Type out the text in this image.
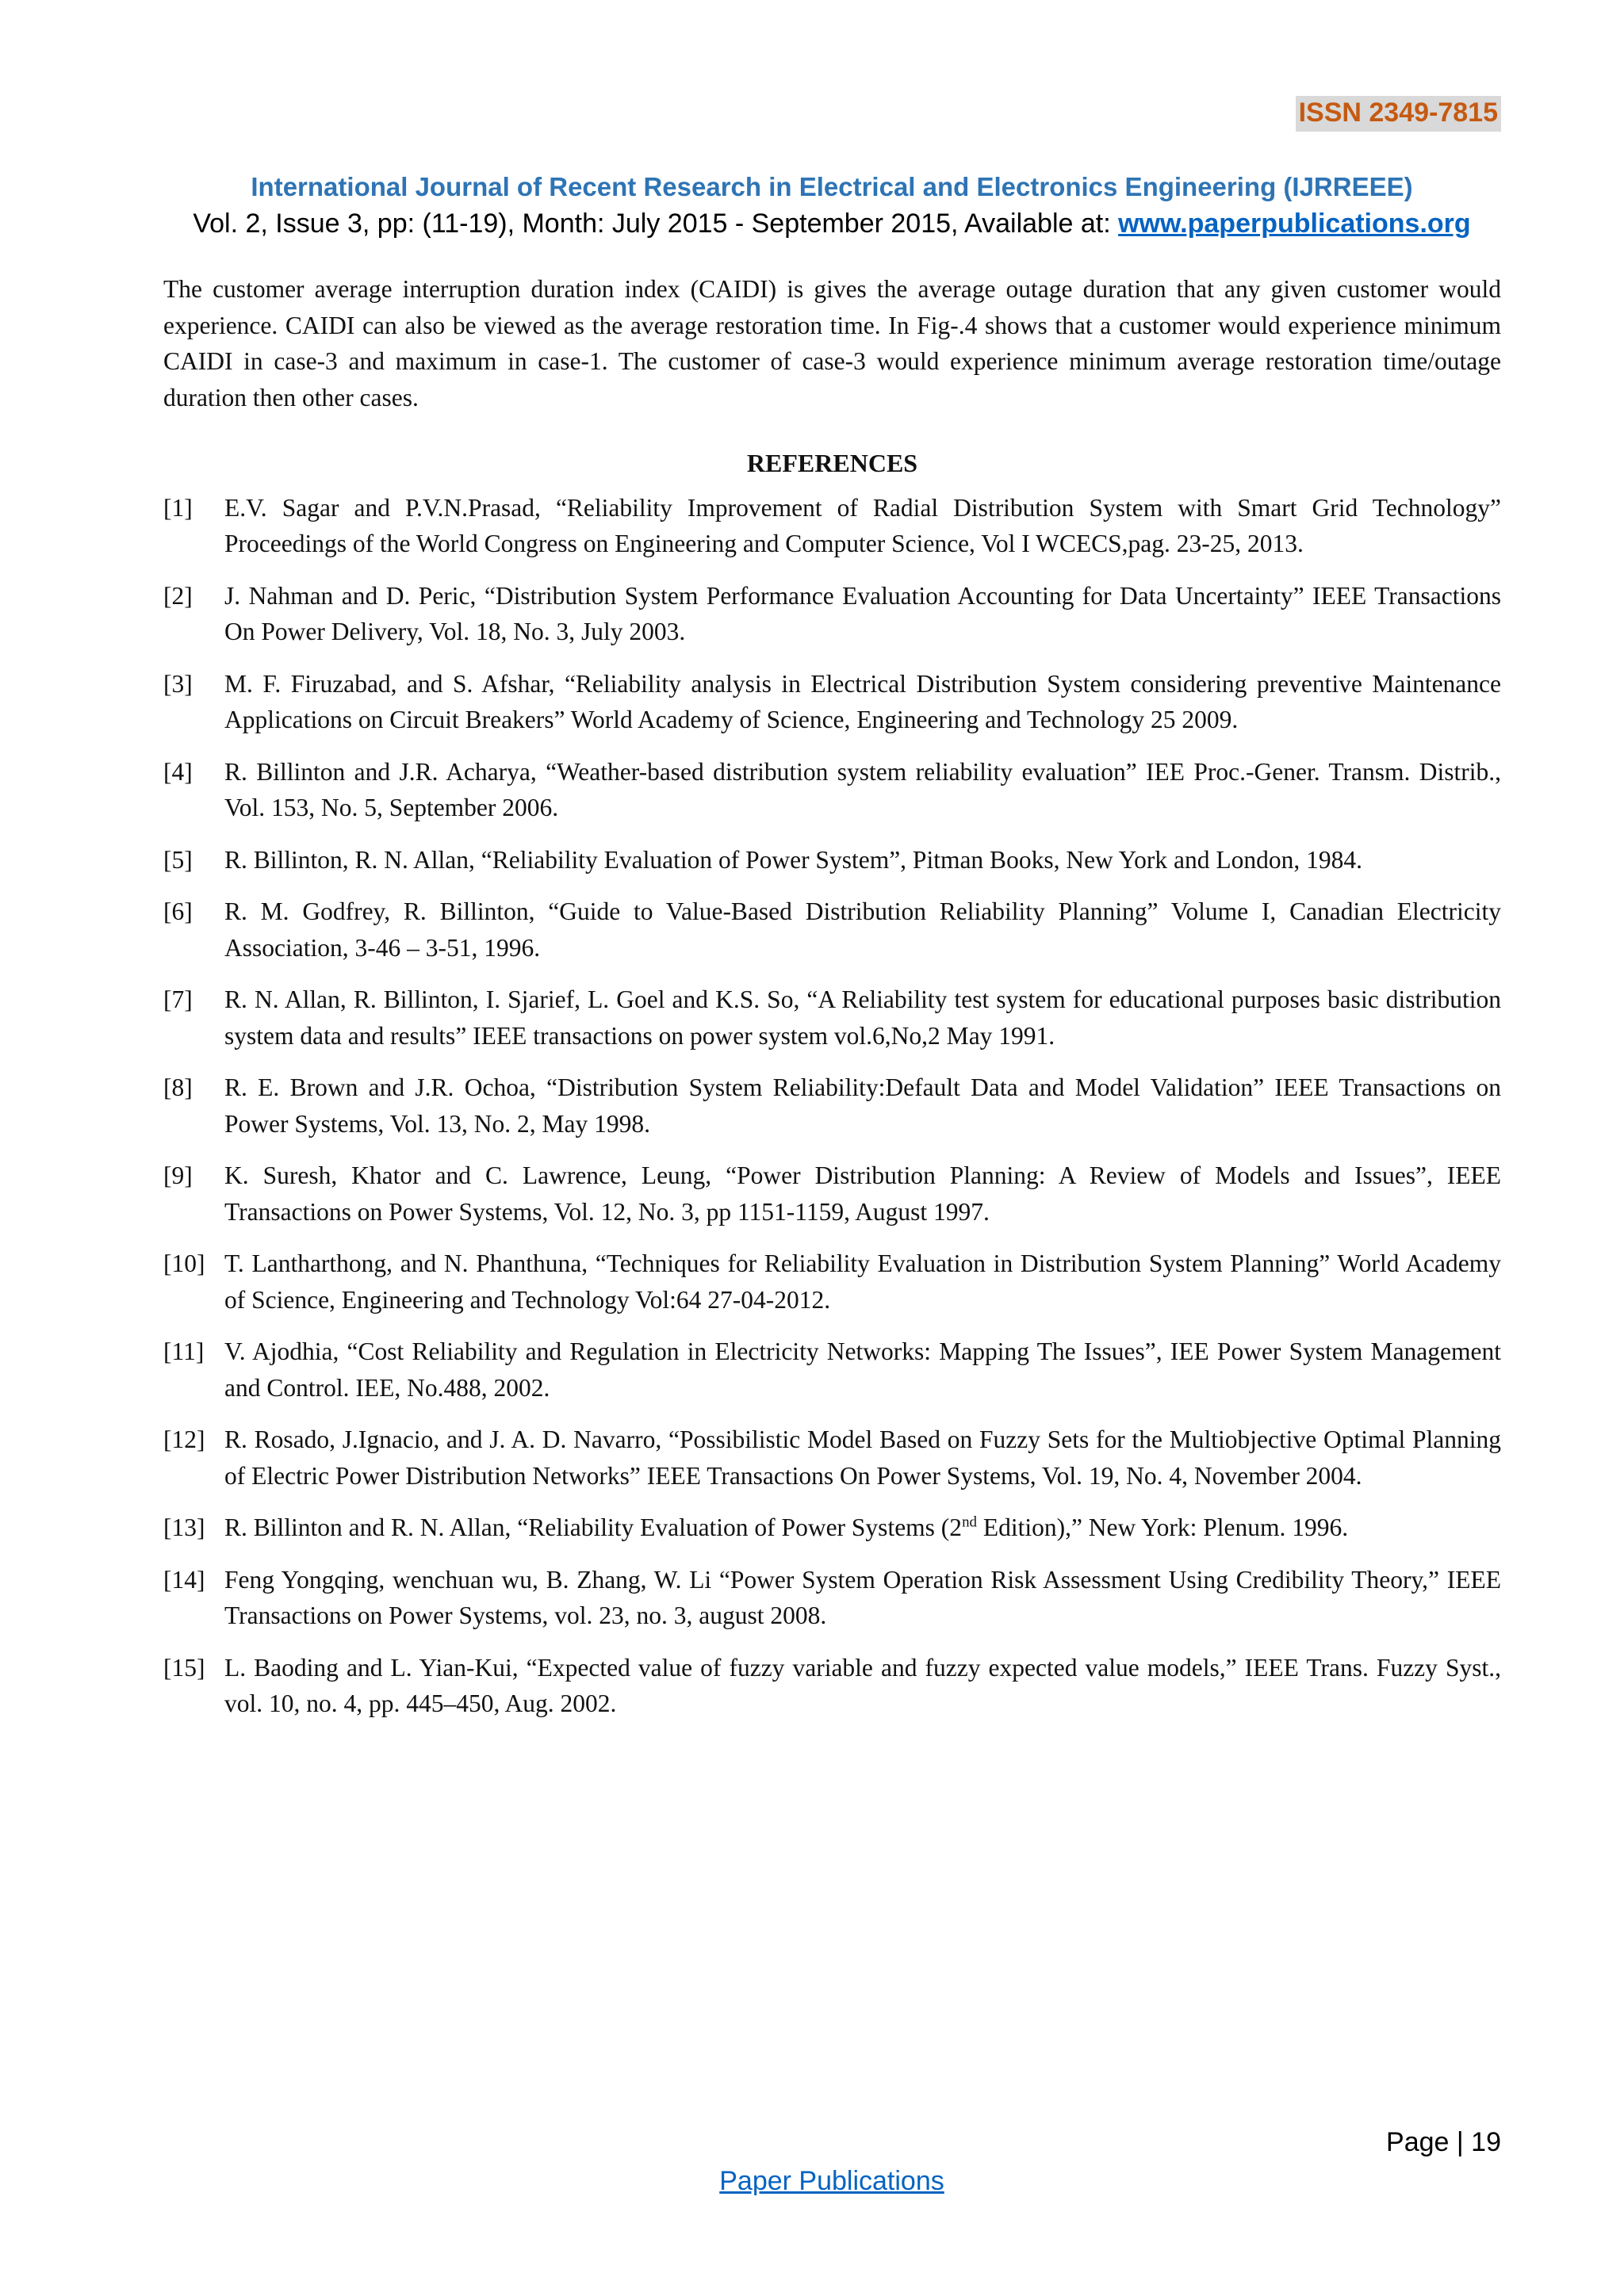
ISSN 2349-7815
International Journal of Recent Research in Electrical and Electronics Engineering (IJRREEE)
Vol. 2, Issue 3, pp: (11-19), Month: July 2015 - September 2015, Available at: www.paperpublications.org

The customer average interruption duration index (CAIDI) is gives the average outage duration that any given customer would experience. CAIDI can also be viewed as the average restoration time. In Fig-.4 shows that a customer would experience minimum CAIDI in case-3 and maximum in case-1. The customer of case-3 would experience minimum average restoration time/outage duration then other cases.

REFERENCES
[1]	E.V. Sagar and P.V.N.Prasad, “Reliability Improvement of Radial Distribution System with Smart Grid Technology” Proceedings of the World Congress on Engineering and Computer Science, Vol I WCECS,pag. 23-25, 2013.
[2]	J. Nahman and D. Peric, “Distribution System Performance Evaluation Accounting for Data Uncertainty” IEEE Transactions On Power Delivery, Vol. 18, No. 3, July 2003.
[3]	M. F. Firuzabad, and S. Afshar, “Reliability analysis in Electrical Distribution System considering preventive Maintenance Applications on Circuit Breakers” World Academy of Science, Engineering and Technology 25 2009.
[4]	R. Billinton and J.R. Acharya, “Weather-based distribution system reliability evaluation” IEE Proc.-Gener. Transm. Distrib., Vol. 153, No. 5, September 2006.
[5]	R. Billinton, R. N. Allan, “Reliability Evaluation of Power System”, Pitman Books, New York and London, 1984.
[6]	R. M. Godfrey, R. Billinton, “Guide to Value-Based Distribution Reliability Planning” Volume I, Canadian Electricity Association, 3-46 – 3-51, 1996.
[7]	R. N. Allan, R. Billinton, I. Sjarief, L. Goel and K.S. So, “A Reliability test system for educational purposes basic distribution system data and results” IEEE transactions on power system vol.6,No,2 May 1991.
[8]	R. E. Brown and J.R. Ochoa, “Distribution System Reliability:Default Data and Model Validation” IEEE Transactions on Power Systems, Vol. 13, No. 2, May 1998.
[9]	K. Suresh, Khator and C. Lawrence, Leung, “Power Distribution Planning: A Review of Models and Issues”, IEEE Transactions on Power Systems, Vol. 12, No. 3, pp 1151-1159, August 1997.
[10] T. Lantharthong, and N. Phanthuna, “Techniques for Reliability Evaluation in Distribution System Planning” World Academy of Science, Engineering and Technology Vol:64 27-04-2012.
[11] V. Ajodhia, “Cost Reliability and Regulation in Electricity Networks: Mapping The Issues”, IEE Power System Management and Control. IEE, No.488, 2002.
[12] R. Rosado, J.Ignacio, and J. A. D. Navarro, “Possibilistic Model Based on Fuzzy Sets for the Multiobjective Optimal Planning of Electric Power Distribution Networks” IEEE Transactions On Power Systems, Vol. 19, No. 4, November 2004.
[13] R. Billinton and R. N. Allan, “Reliability Evaluation of Power Systems (2nd Edition),” New York: Plenum. 1996.
[14] Feng Yongqing, wenchuan wu, B. Zhang, W. Li “Power System Operation Risk Assessment Using Credibility Theory,” IEEE Transactions on Power Systems, vol. 23, no. 3, august 2008.
[15] L. Baoding and L. Yian-Kui, “Expected value of fuzzy variable and fuzzy expected value models,” IEEE Trans. Fuzzy Syst., vol. 10, no. 4, pp. 445–450, Aug. 2002.
Page | 19
Paper Publications
